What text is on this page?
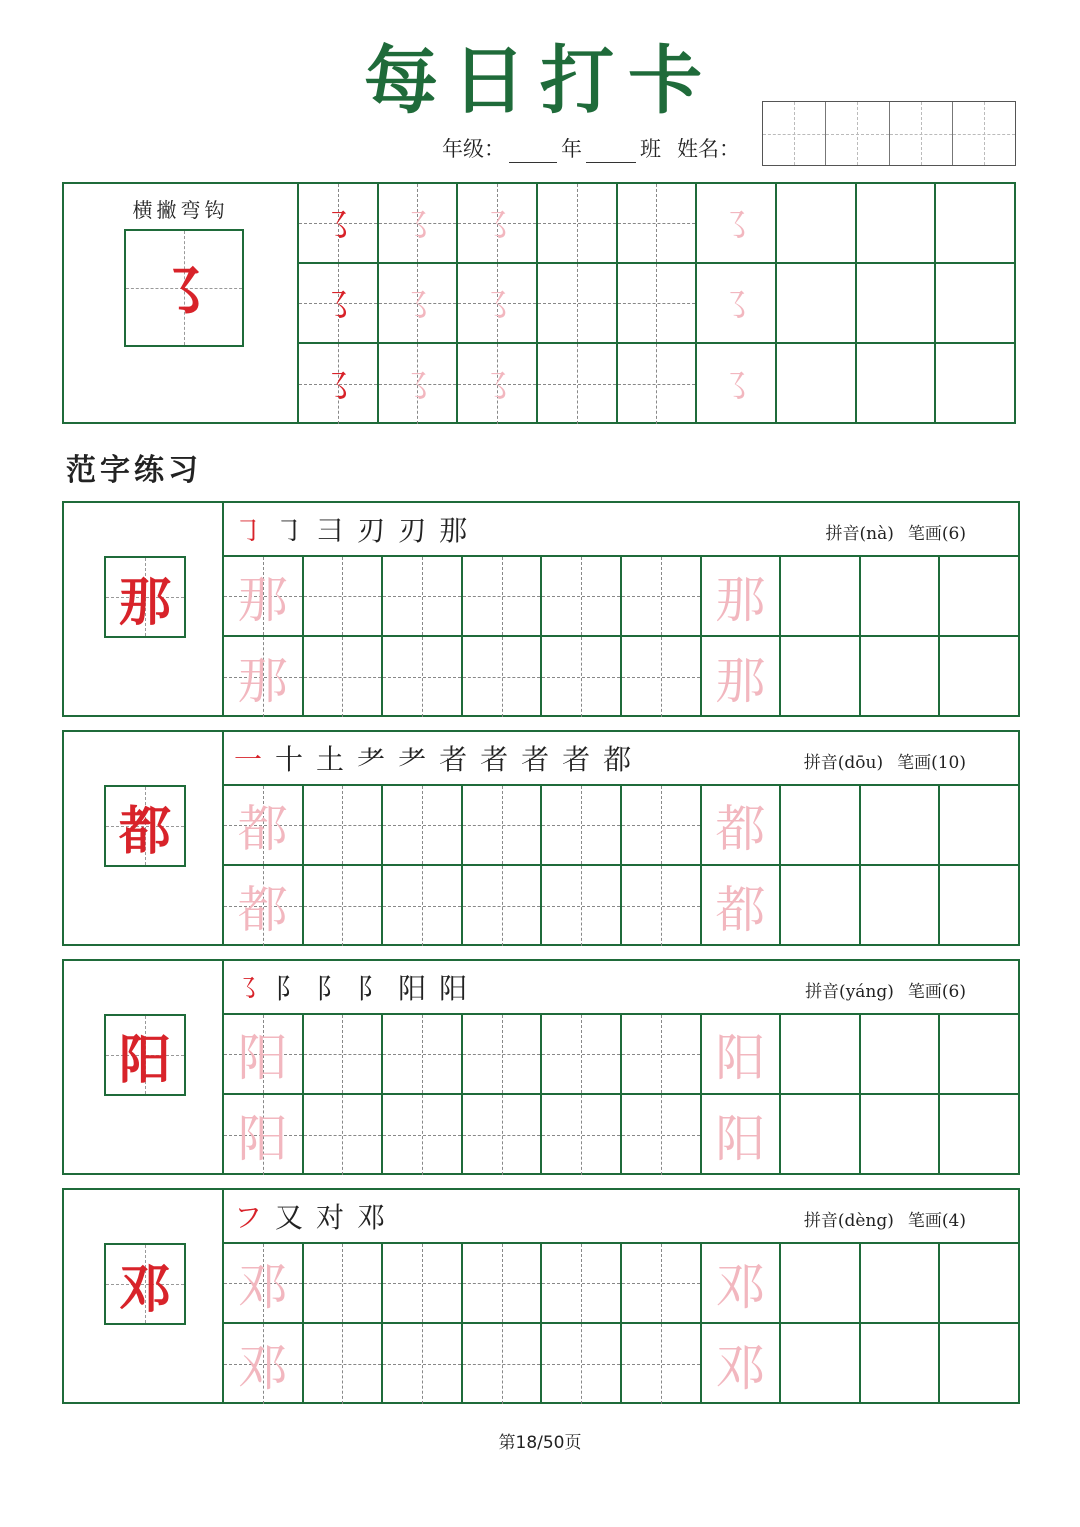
每日打卡
年级：	年	班 姓名：
横撇弯钩
㇌
㇌ ㇌ ㇌	㇌
㇌ ㇌ ㇌	㇌
㇌ ㇌ ㇌	㇌
范字练习
那
㇆ ㇆ 彐 刃 刃 那	拼音(nà) 笔画(6)
那	那
那	那
都
一 十 土 耂 耂 者 者 者 者 都	拼音(dōu) 笔画(10)
都	都
都	都
阳
㇌ 阝 阝 阝 阳 阳	拼音(yáng) 笔画(6)
阳	阳
阳	阳
邓
フ 又 对 邓	拼音(dèng) 笔画(4)
邓	邓
邓	邓
第18/50页
